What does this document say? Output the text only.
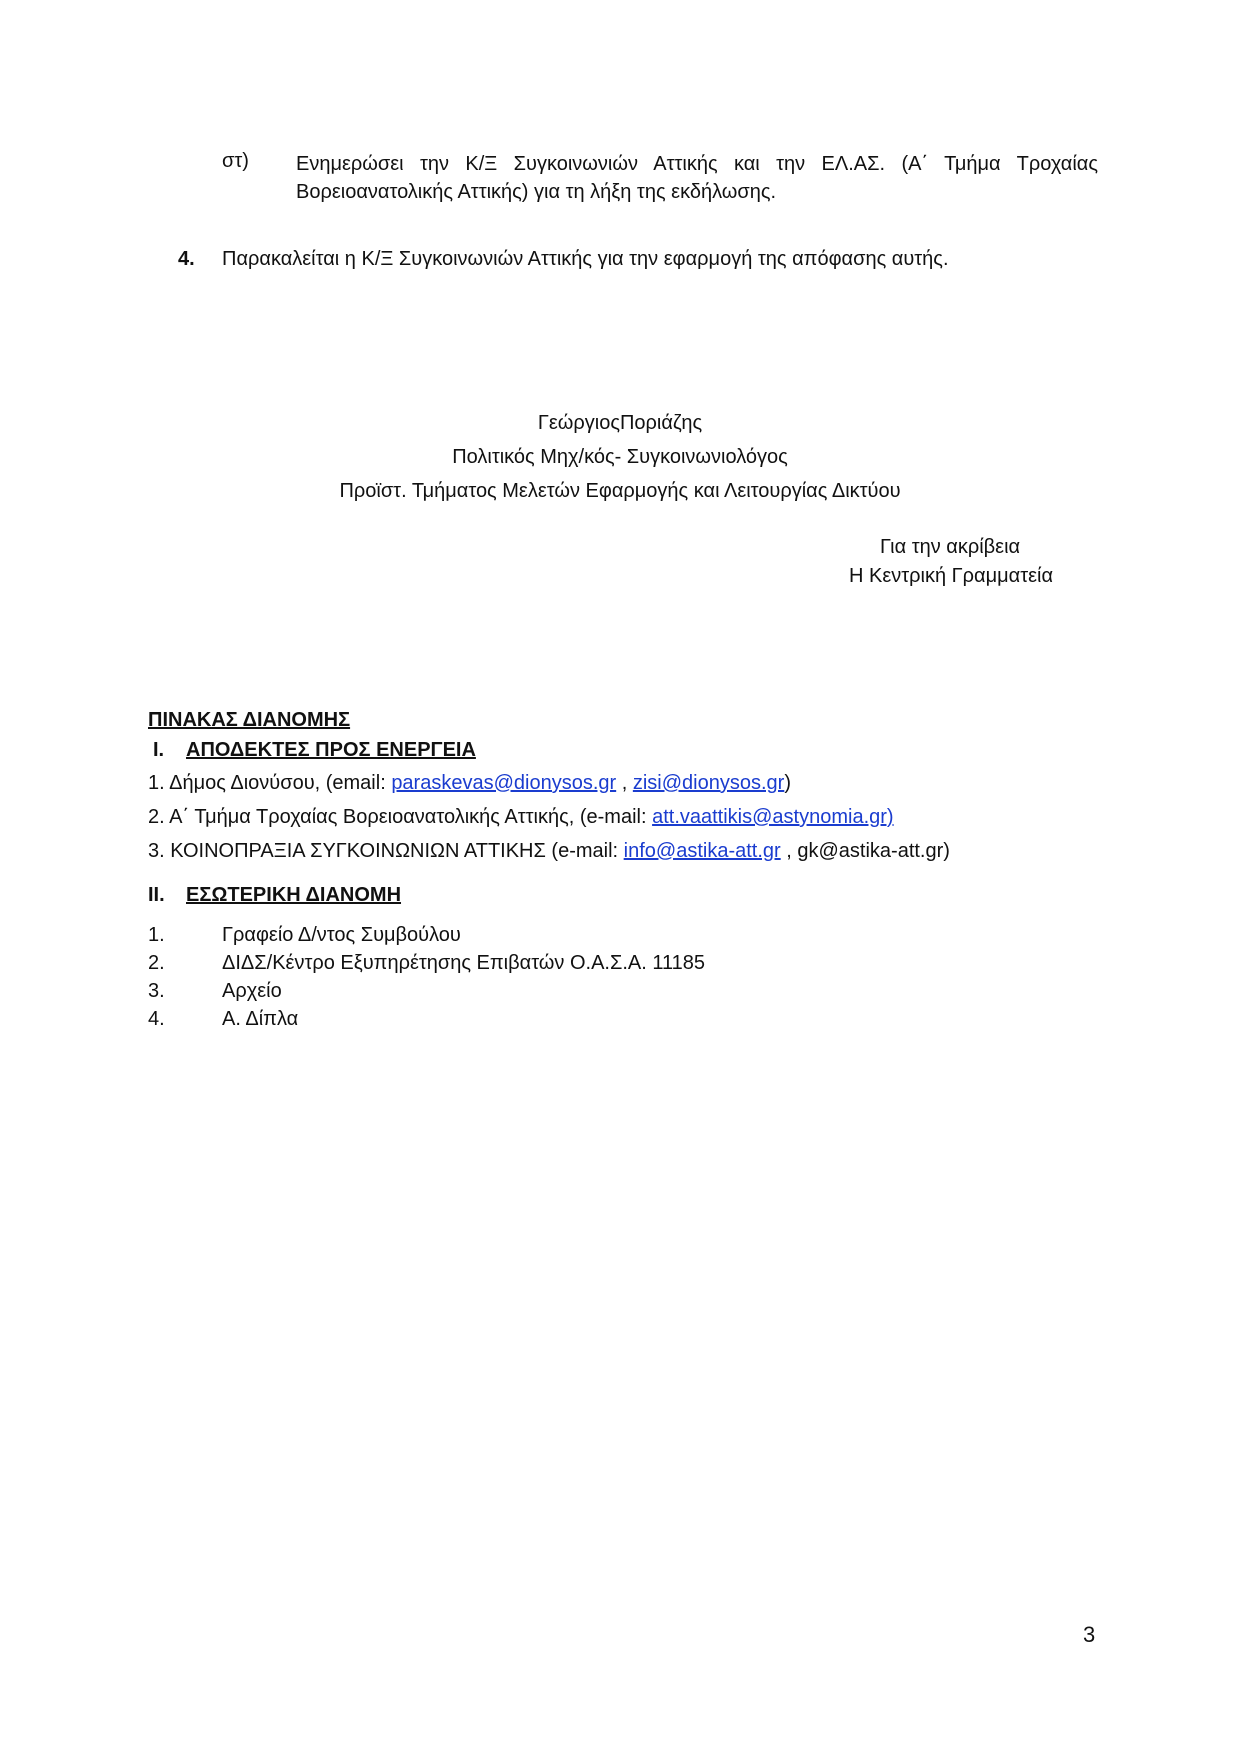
στ) Ενημερώσει την Κ/Ξ Συγκοινωνιών Αττικής και την ΕΛ.ΑΣ. (Α΄ Τμήμα Τροχαίας
Βορειοανατολικής Αττικής) για τη λήξη της εκδήλωσης.
4. Παρακαλείται η Κ/Ξ Συγκοινωνιών Αττικής για την εφαρμογή της απόφασης αυτής.
ΓεώργιοςΠοριάζης
Πολιτικός Μηχ/κός- Συγκοινωνιολόγος
Προϊστ. Τμήματος Μελετών Εφαρμογής και Λειτουργίας Δικτύου
Για την ακρίβεια
Η Κεντρική Γραμματεία
ΠΙΝΑΚΑΣ ΔΙΑΝΟΜΗΣ
I. ΑΠΟΔΕΚΤΕΣ ΠΡΟΣ ΕΝΕΡΓΕΙΑ
1. Δήμος Διονύσου, (email: paraskevas@dionysos.gr , zisi@dionysos.gr)
2. Α΄ Τμήμα Τροχαίας Βορειοανατολικής Αττικής, (e-mail: att.vaattikis@astynomia.gr)
3. ΚΟΙΝΟΠΡΑΞΙΑ ΣΥΓΚΟΙΝΩΝΙΩΝ ΑΤΤΙΚΗΣ (e-mail: info@astika-att.gr , gk@astika-att.gr)
II. ΕΣΩΤΕΡΙΚΗ ΔΙΑΝΟΜΗ
1.	Γραφείο Δ/ντος Συμβούλου
2.	ΔΙΔΣ/Κέντρο Εξυπηρέτησης Επιβατών Ο.Α.Σ.Α. 11185
3.	Αρχείο
4.	Α. Δίπλα
3
